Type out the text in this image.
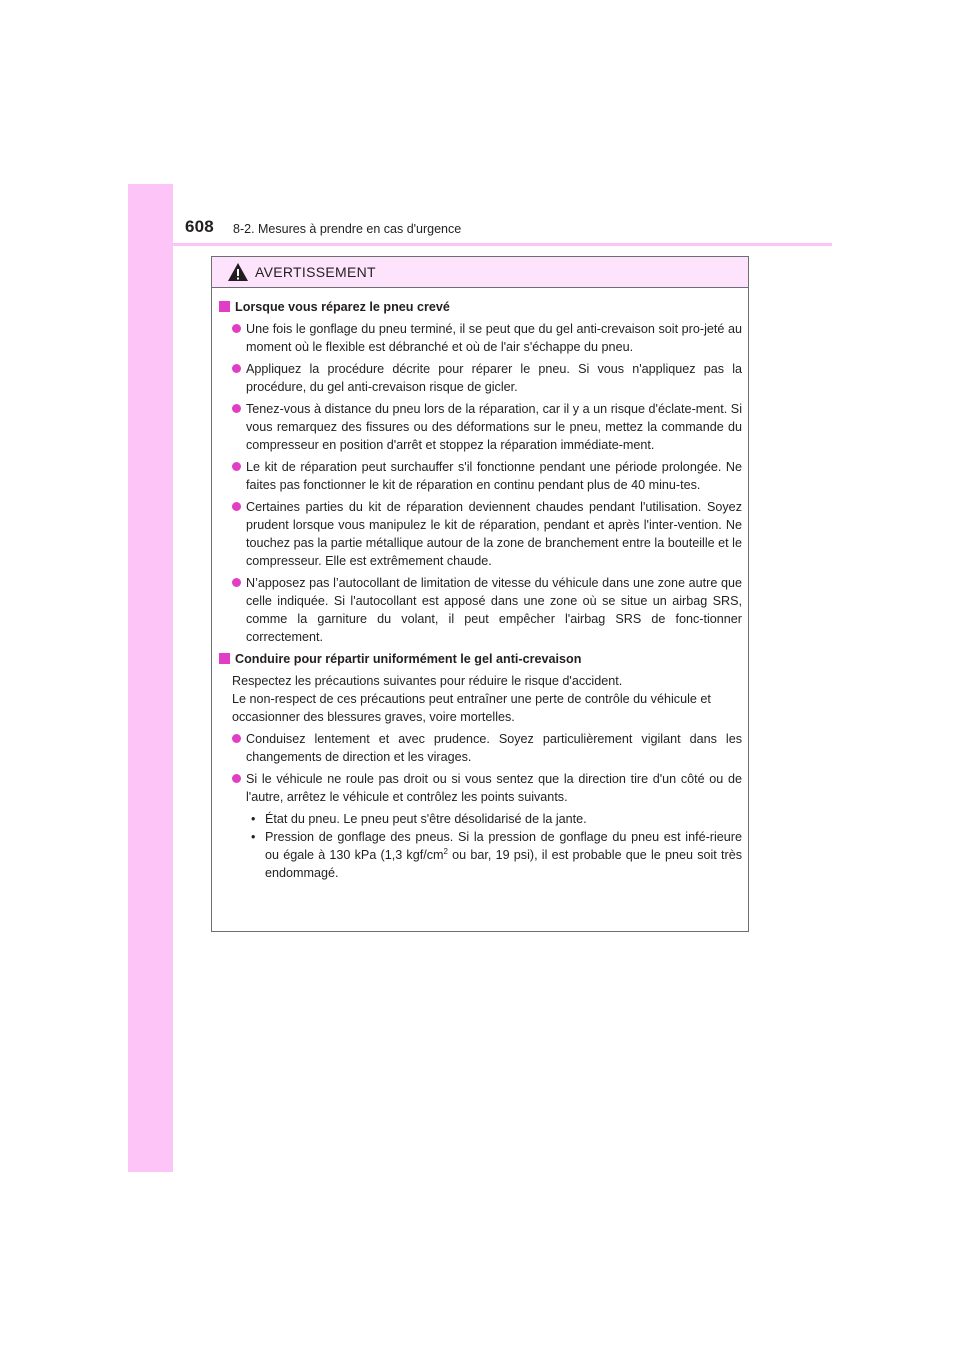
608 8-2. Mesures à prendre en cas d'urgence
AVERTISSEMENT
Lorsque vous réparez le pneu crevé
Une fois le gonflage du pneu terminé, il se peut que du gel anti-crevaison soit pro-jeté au moment où le flexible est débranché et où de l'air s'échappe du pneu.
Appliquez la procédure décrite pour réparer le pneu. Si vous n'appliquez pas la procédure, du gel anti-crevaison risque de gicler.
Tenez-vous à distance du pneu lors de la réparation, car il y a un risque d'éclate-ment. Si vous remarquez des fissures ou des déformations sur le pneu, mettez la commande du compresseur en position d'arrêt et stoppez la réparation immédiate-ment.
Le kit de réparation peut surchauffer s'il fonctionne pendant une période prolongée. Ne faites pas fonctionner le kit de réparation en continu pendant plus de 40 minu-tes.
Certaines parties du kit de réparation deviennent chaudes pendant l'utilisation. Soyez prudent lorsque vous manipulez le kit de réparation, pendant et après l'inter-vention. Ne touchez pas la partie métallique autour de la zone de branchement entre la bouteille et le compresseur. Elle est extrêmement chaude.
N’apposez pas l’autocollant de limitation de vitesse du véhicule dans une zone autre que celle indiquée. Si l'autocollant est apposé dans une zone où se situe un airbag SRS, comme la garniture du volant, il peut empêcher l'airbag SRS de fonc-tionner correctement.
Conduire pour répartir uniformément le gel anti-crevaison
Respectez les précautions suivantes pour réduire le risque d'accident.
Le non-respect de ces précautions peut entraîner une perte de contrôle du véhicule et occasionner des blessures graves, voire mortelles.
Conduisez lentement et avec prudence. Soyez particulièrement vigilant dans les changements de direction et les virages.
Si le véhicule ne roule pas droit ou si vous sentez que la direction tire d'un côté ou de l'autre, arrêtez le véhicule et contrôlez les points suivants.
• État du pneu. Le pneu peut s'être désolidarisé de la jante.
• Pression de gonflage des pneus. Si la pression de gonflage du pneu est infé-rieure ou égale à 130 kPa (1,3 kgf/$cm^2$ ou bar, 19 psi), il est probable que le pneu soit très endommagé.
